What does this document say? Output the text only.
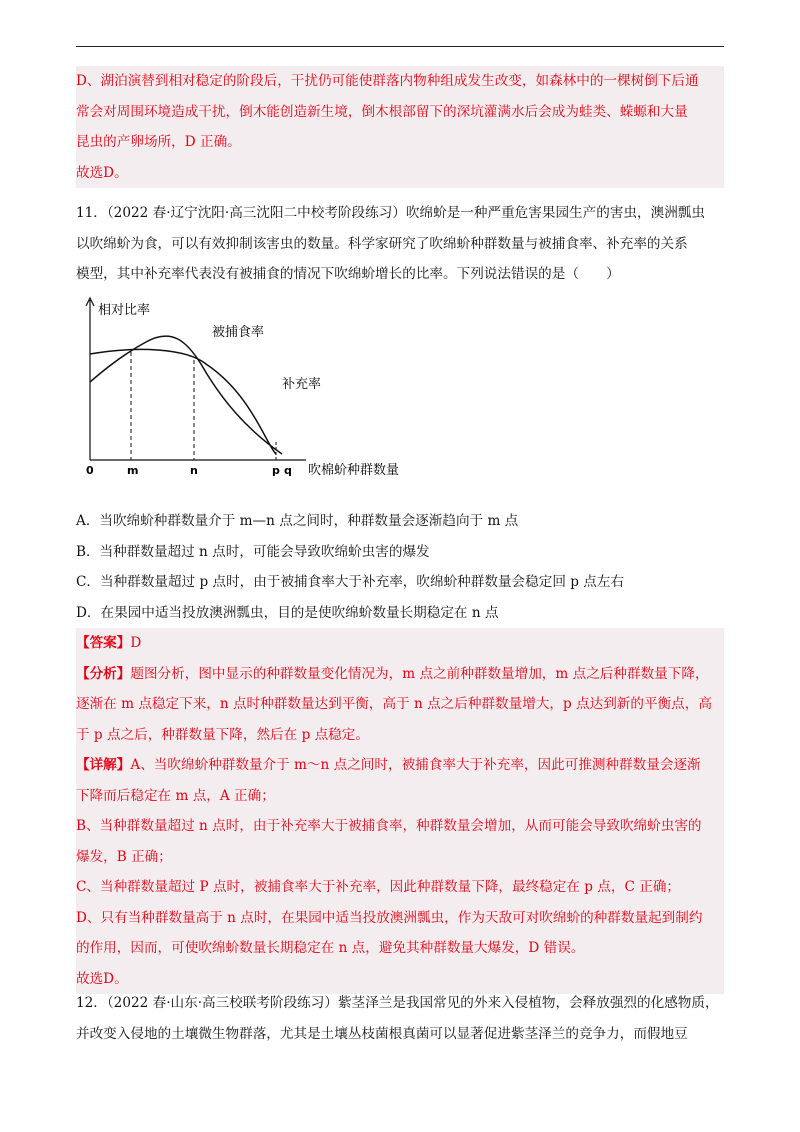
D、湖泊演替到相对稳定的阶段后，干扰仍可能使群落内物种组成发生改变，如森林中的一棵树倒下后通

常会对周围环境造成干扰，倒木能创造新生境，倒木根部留下的深坑灌满水后会成为蛙类、蝾螈和大量

昆虫的产卵场所，D 正确。

故选D。

11．（2022 春·辽宁沈阳·高三沈阳二中校考阶段练习）吹绵蚧是一种严重危害果园生产的害虫，澳洲瓢虫

以吹绵蚧为食，可以有效抑制该害虫的数量。科学家研究了吹绵蚧种群数量与被捕食率、补充率的关系

模型，其中补充率代表没有被捕食的情况下吹绵蚧增长的比率。下列说法错误的是（　　）

相对比率
吹棉蚧种群数量
0
被捕食率
补充率
m	n	p q

A．当吹绵蚧种群数量介于 m—n 点之间时，种群数量会逐渐趋向于 m 点

B．当种群数量超过 n 点时，可能会导致吹绵蚧虫害的爆发

C．当种群数量超过 p 点时，由于被捕食率大于补充率，吹绵蚧种群数量会稳定回 p 点左右

D．在果园中适当投放澳洲瓢虫，目的是使吹绵蚧数量长期稳定在 n 点

【答案】D

【分析】题图分析，图中显示的种群数量变化情况为，m 点之前种群数量增加，m 点之后种群数量下降，

逐渐在 m 点稳定下来，n 点时种群数量达到平衡，高于 n 点之后种群数量增大，p 点达到新的平衡点，高

于 p 点之后，种群数量下降，然后在 p 点稳定。

【详解】A、当吹绵蚧种群数量介于 m～n 点之间时，被捕食率大于补充率，因此可推测种群数量会逐渐

下降而后稳定在 m 点，A 正确；

B、当种群数量超过 n 点时，由于补充率大于被捕食率，种群数量会增加，从而可能会导致吹绵蚧虫害的

爆发，B 正确；

C、当种群数量超过 P 点时，被捕食率大于补充率，因此种群数量下降，最终稳定在 p 点，C 正确；

D、只有当种群数量高于 n 点时，在果园中适当投放澳洲瓢虫，作为天敌可对吹绵蚧的种群数量起到制约

的作用，因而，可使吹绵蚧数量长期稳定在 n 点，避免其种群数量大爆发，D 错误。

故选D。

12．（2022 春·山东·高三校联考阶段练习）紫茎泽兰是我国常见的外来入侵植物，会释放强烈的化感物质，

并改变入侵地的土壤微生物群落，尤其是土壤丛枝菌根真菌可以显著促进紫茎泽兰的竞争力，而假地豆
